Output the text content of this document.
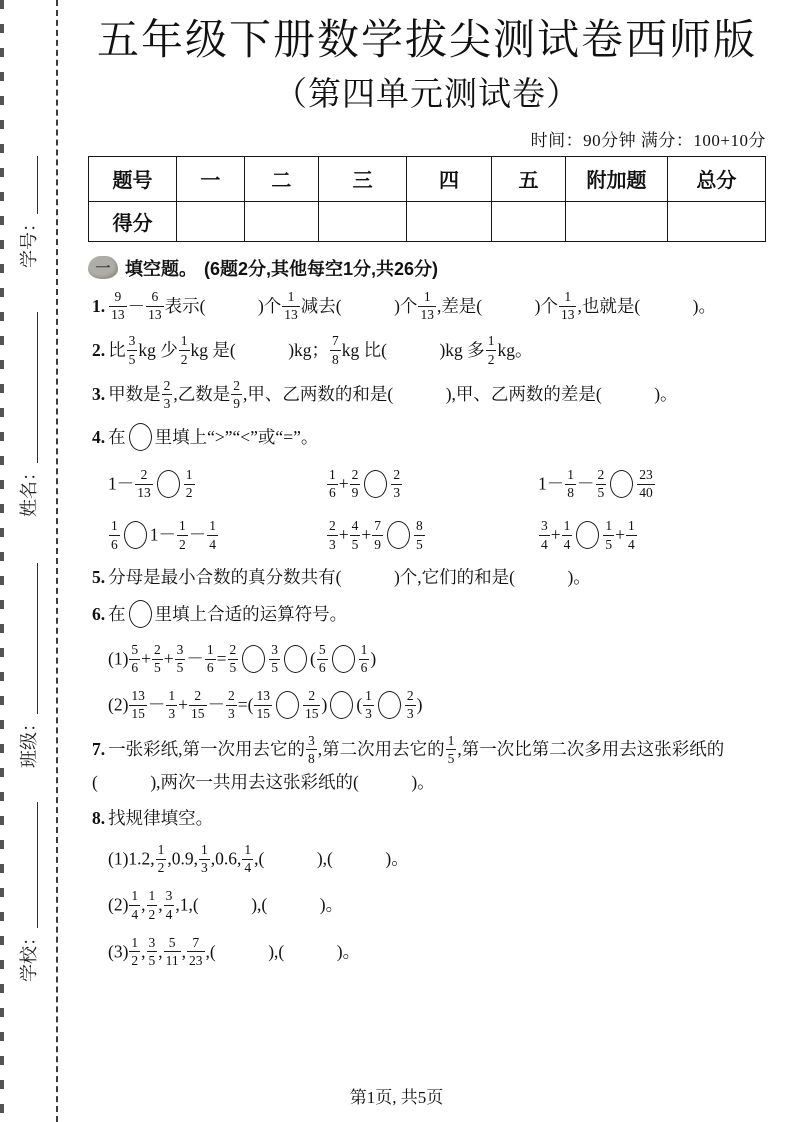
学号：
姓名：
班级：
学校：
五年级下册数学拔尖测试卷西师版
（第四单元测试卷）
时间：90分钟 满分：100+10分
题号	一	二	三	四	五	附加题	总分
得分							
一 填空题。 (6题2分,其他每空1分,共26分)
1. $\frac{9}{13} - \frac{6}{13}$ 表示(　　　)个 $\frac{1}{13}$ 减去(　　　)个 $\frac{1}{13}$ ,差是(　　　)个 $\frac{1}{13}$ ,也就是(　　　)。
2. 比 $\frac{3}{5}$ kg 少 $\frac{1}{2}$ kg 是(　　　)kg； $\frac{7}{8}$ kg 比(　　　)kg 多 $\frac{1}{2}$ kg。
3. 甲数是 $\frac{2}{3}$ ,乙数是 $\frac{2}{9}$ ,甲、乙两数的和是(　　　),甲、乙两数的差是(　　　)。
4. 在 里填上“>”“<”或“=”。
$1- \frac{2}{13} \frac{1}{2}$	$\frac{1}{6} + \frac{2}{9} \frac{2}{3}$	$1- \frac{1}{8} - \frac{2}{5} \frac{23}{40}$
$\frac{1}{6} 1- \frac{1}{2} - \frac{1}{4}$	$\frac{2}{3} + \frac{4}{5} + \frac{7}{9} \frac{8}{5}$	$\frac{3}{4} + \frac{1}{4} \frac{1}{5} + \frac{1}{4}$
5. 分母是最小合数的真分数共有(　　　)个,它们的和是(　　　)。
6. 在 里填上合适的运算符号。
$(1) \frac{5}{6} + \frac{2}{5} + \frac{3}{5} - \frac{1}{6} = \frac{2}{5} \frac{3}{5}$ ( $\frac{5}{6} \frac{1}{6}$ )
$(2) \frac{13}{15} - \frac{1}{3} + \frac{2}{15} - \frac{2}{3}$ =( $\frac{13}{15} \frac{2}{15}$ ) ( $\frac{1}{3} \frac{2}{3}$ )
7. 一张彩纸,第一次用去它的 $\frac{3}{8}$ ,第二次用去它的 $\frac{1}{5}$ ,第一次比第二次多用去这张彩纸的(　　　),两次一共用去这张彩纸的(　　　)。
8. 找规律填空。
(1)1.2, $\frac{1}{2} ,0.9$, $\frac{1}{3} ,0.6$, $\frac{1}{4}$ ,(　　　),(　　　)。
$(2) \frac{1}{4}$ , $\frac{1}{2}$ , $\frac{3}{4} ,1$,(　　　),(　　　)。
$(3) \frac{1}{2}$ , $\frac{3}{5}$ , $\frac{5}{11}$ , $\frac{7}{23}$ ,(　　　),(　　　)。
第1页, 共5页
